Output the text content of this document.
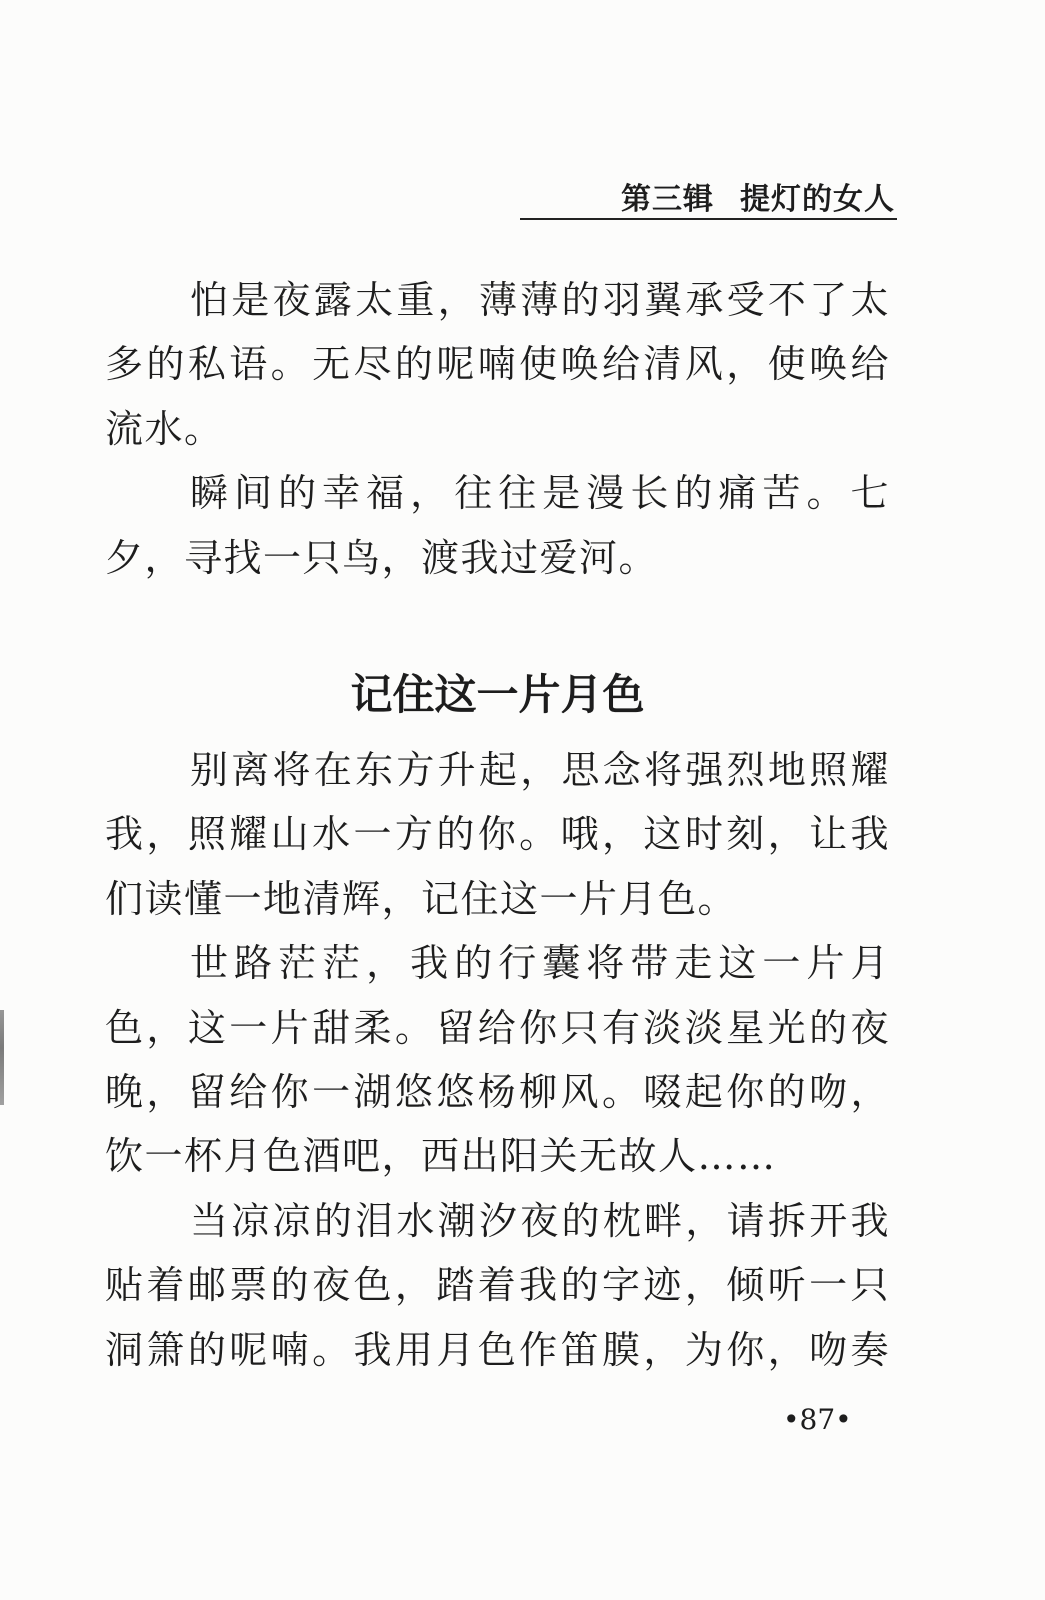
第三辑 提灯的女人
怕是夜露太重，薄薄的羽翼承受不了太
多的私语。无尽的呢喃使唤给清风，使唤给
流水。
瞬间的幸福，往往是漫长的痛苦。七
夕，寻找一只鸟，渡我过爱河。
记住这一片月色
别离将在东方升起，思念将强烈地照耀
我，照耀山水一方的你。哦，这时刻，让我
们读懂一地清辉，记住这一片月色。
世路茫茫，我的行囊将带走这一片月
色，这一片甜柔。留给你只有淡淡星光的夜
晚，留给你一湖悠悠杨柳风。啜起你的吻，
饮一杯月色酒吧，西出阳关无故人……
当凉凉的泪水潮汐夜的枕畔，请拆开我
贴着邮票的夜色，踏着我的字迹，倾听一只
洞箫的呢喃。我用月色作笛膜，为你，吻奏
•87•
